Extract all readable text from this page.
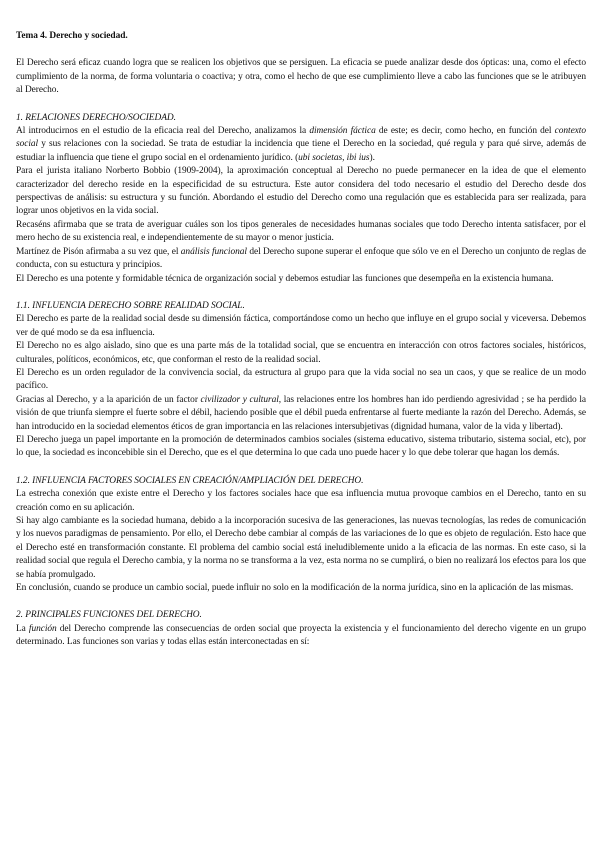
Tema 4. Derecho y sociedad.

El Derecho será eficaz cuando logra que se realicen los objetivos que se persiguen. La eficacia se puede analizar desde dos ópticas: una, como el efecto cumplimiento de la norma, de forma voluntaria o coactiva; y otra, como el hecho de que ese cumplimiento lleve a cabo las funciones que se le atribuyen al Derecho.

1. RELACIONES DERECHO/SOCIEDAD.

Al introducirnos en el estudio de la eficacia real del Derecho, analizamos la dimensión fáctica de este; es decir, como hecho, en función del contexto social y sus relaciones con la sociedad. Se trata de estudiar la incidencia que tiene el Derecho en la sociedad, qué regula y para qué sirve, además de estudiar la influencia que tiene el grupo social en el ordenamiento jurídico. (ubi societas, ibi ius).

Para el jurista italiano Norberto Bobbio (1909-2004), la aproximación conceptual al Derecho no puede permanecer en la idea de que el elemento caracterizador del derecho reside en la especificidad de su estructura. Este autor considera del todo necesario el estudio del Derecho desde dos perspectivas de análisis: su estructura y su función. Abordando el estudio del Derecho como una regulación que es establecida para ser realizada, para lograr unos objetivos en la vida social.

Recaséns afirmaba que se trata de averiguar cuáles son los tipos generales de necesidades humanas sociales que todo Derecho intenta satisfacer, por el mero hecho de su existencia real, e independientemente de su mayor o menor justicia.

Martínez de Pisón afirmaba a su vez que, el análisis funcional del Derecho supone superar el enfoque que sólo ve en el Derecho un conjunto de reglas de conducta, con su estuctura y principios.

El Derecho es una potente y formidable técnica de organización social y debemos estudiar las funciones que desempeña en la existencia humana.

1.1. INFLUENCIA DERECHO SOBRE REALIDAD SOCIAL.

El Derecho es parte de la realidad social desde su dimensión fáctica, comportándose como un hecho que influye en el grupo social y viceversa. Debemos ver de qué modo se da esa influencia.

El Derecho no es algo aislado, sino que es una parte más de la totalidad social, que se encuentra en interacción con otros factores sociales, históricos, culturales, políticos, económicos, etc, que conforman el resto de la realidad social.

El Derecho es un orden regulador de la convivencia social, da estructura al grupo para que la vida social no sea un caos, y que se realice de un modo pacífico.

Gracias al Derecho, y a la aparición de un factor civilizador y cultural, las relaciones entre los hombres han ido perdiendo agresividad ; se ha perdido la visión de que triunfa siempre el fuerte sobre el débil, haciendo posible que el débil pueda enfrentarse al fuerte mediante la razón del Derecho. Además, se han introducido en la sociedad elementos éticos de gran importancia en las relaciones intersubjetivas (dignidad humana, valor de la vida y libertad).

El Derecho juega un papel importante en la promoción de determinados cambios sociales (sistema educativo, sistema tributario, sistema social, etc), por lo que, la sociedad es inconcebible sin el Derecho, que es el que determina lo que cada uno puede hacer y lo que debe tolerar que hagan los demás.

1.2. INFLUENCIA FACTORES SOCIALES EN CREACIÓN/AMPLIACIÓN DEL DERECHO.

La estrecha conexión que existe entre el Derecho y los factores sociales hace que esa influencia mutua provoque cambios en el Derecho, tanto en su creación como en su aplicación.

Si hay algo cambiante es la sociedad humana, debido a la incorporación sucesiva de las generaciones, las nuevas tecnologías, las redes de comunicación y los nuevos paradigmas de pensamiento. Por ello, el Derecho debe cambiar al compás de las variaciones de lo que es objeto de regulación. Esto hace que el Derecho esté en transformación constante. El problema del cambio social está ineludiblemente unido a la eficacia de las normas. En este caso, si la realidad social que regula el Derecho cambia, y la norma no se transforma a la vez, esta norma no se cumplirá, o bien no realizará los efectos para los que se había promulgado.

En conclusión, cuando se produce un cambio social, puede influir no solo en la modificación de la norma jurídica, sino en la aplicación de las mismas.

2. PRINCIPALES FUNCIONES DEL DERECHO.

La función del Derecho comprende las consecuencias de orden social que proyecta la existencia y el funcionamiento del derecho vigente en un grupo determinado. Las funciones son varias y todas ellas están interconectadas en sí:
